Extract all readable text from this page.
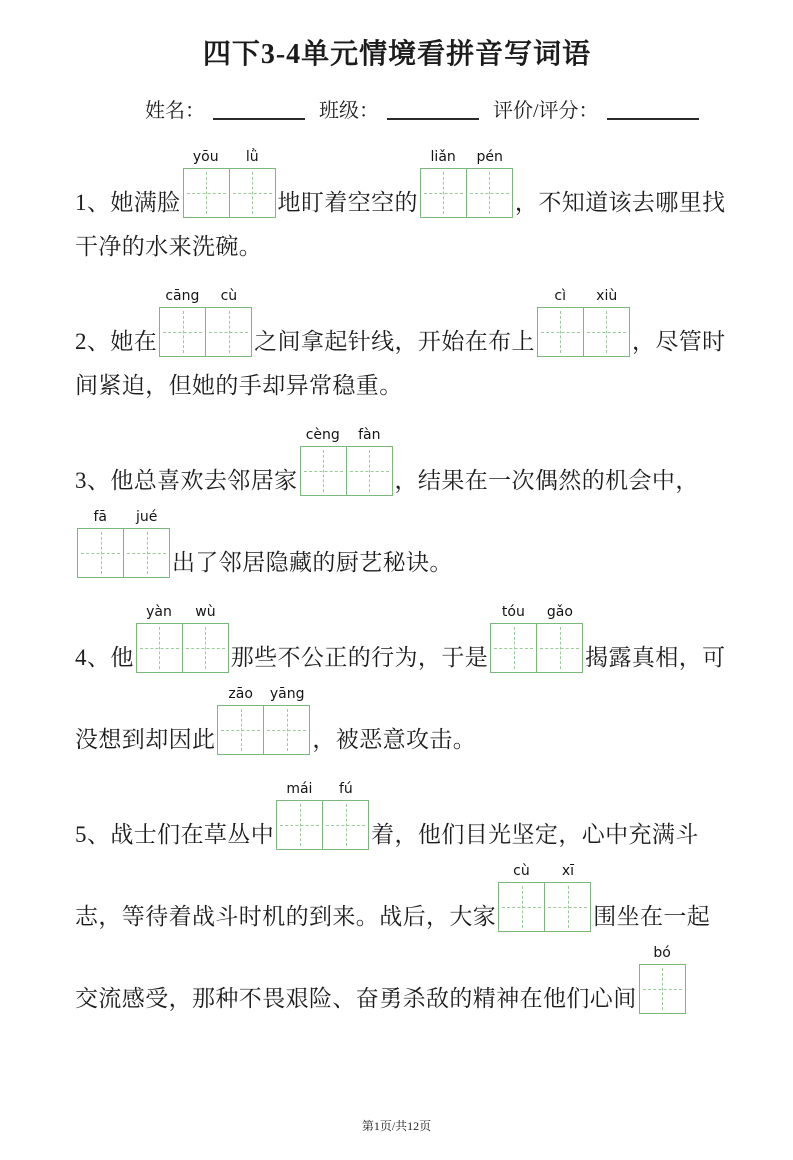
四下3-4单元情境看拼音写词语
姓名：	班级：	评价/评分：
1、 她满脸
yōu	lǜ
地盯着空空的
liǎn	pén
，不知道该去哪里找
干净的水来洗碗。
2、 她在
cāng	cù
之间拿起针线，开始在布上
cì	xiù
，尽管时
间紧迫，但她的手却异常稳重。
3、 他总喜欢去邻居家
cèng	fàn
，结果在一次偶然的机会中，
fā	jué
出了邻居隐藏的厨艺秘诀。
4、 他
yàn	wù
那些不公正的行为，于是
tóu	gǎo
揭露真相，可
没想到却因此
zāo	yāng
，被恶意攻击。
5、 战士们在草丛中
mái	fú
着，他们目光坚定，心中充满斗
志，等待着战斗时机的到来。战后，大家
cù	xī
围坐在一起
交流感受，那种不畏艰险、奋勇杀敌的精神在他们心间
bó
第1页/共12页
